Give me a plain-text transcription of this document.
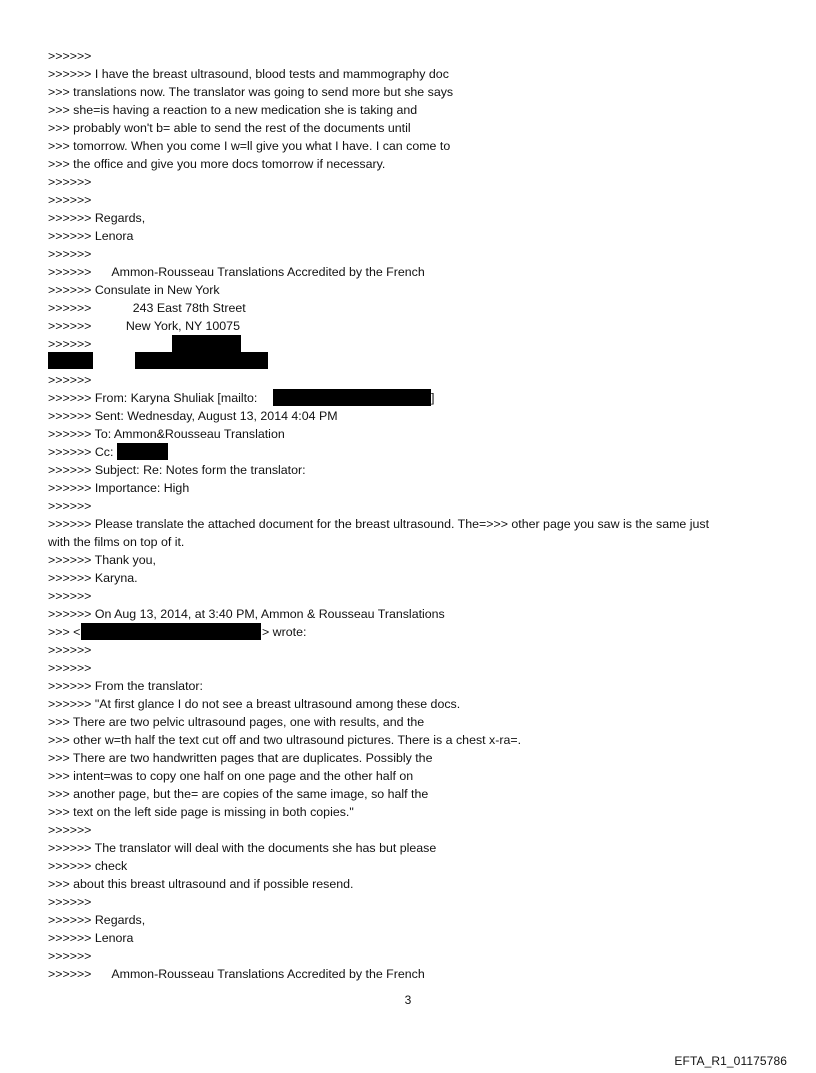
>>>>>>

>>>>>> I have the breast ultrasound, blood tests and mammography doc

>>> translations now. The translator was going to send more but she says

>>> she=is having a reaction to a new medication she is taking and

>>> probably won't b= able to send the rest of the documents until

>>> tomorrow. When you come I w=ll give you what I have. I can come to

>>> the office and give you more docs tomorrow if necessary.

>>>>>>

>>>>>>

>>>>>> Regards,

>>>>>> Lenora

>>>>>>

>>>>>>      Ammon-Rousseau Translations Accredited by the French

>>>>>> Consulate in New York

>>>>>>            243 East 78th Street

>>>>>>          New York, NY 10075

>>>>>>

>>>>>>

>>>>>> From: Karyna Shuliak [mailto:	]

>>>>>> Sent: Wednesday, August 13, 2014 4:04 PM

>>>>>> To: Ammon&Rousseau Translation

>>>>>> Cc:

>>>>>> Subject: Re: Notes form the translator:

>>>>>> Importance: High

>>>>>>

>>>>>> Please translate the attached document for the breast ultrasound. The=>>> other page you saw is the same just

with the films on top of it.

>>>>>> Thank you,

>>>>>> Karyna.

>>>>>>

>>>>>> On Aug 13, 2014, at 3:40 PM, Ammon & Rousseau Translations

>>> <	> wrote:

>>>>>>

>>>>>>

>>>>>> From the translator:

>>>>>> "At first glance I do not see a breast ultrasound among these docs.

>>> There are two pelvic ultrasound pages, one with results, and the

>>> other w=th half the text cut off and two ultrasound pictures. There is a chest x-ra=.

>>> There are two handwritten pages that are duplicates. Possibly the

>>> intent=was to copy one half on one page and the other half on

>>> another page, but the= are copies of the same image, so half the

>>> text on the left side page is missing in both copies."

>>>>>>

>>>>>> The translator will deal with the documents she has but please

>>>>>> check

>>> about this breast ultrasound and if possible resend.

>>>>>>

>>>>>> Regards,

>>>>>> Lenora

>>>>>>

>>>>>>      Ammon-Rousseau Translations Accredited by the French

3
EFTA_R1_01175786
